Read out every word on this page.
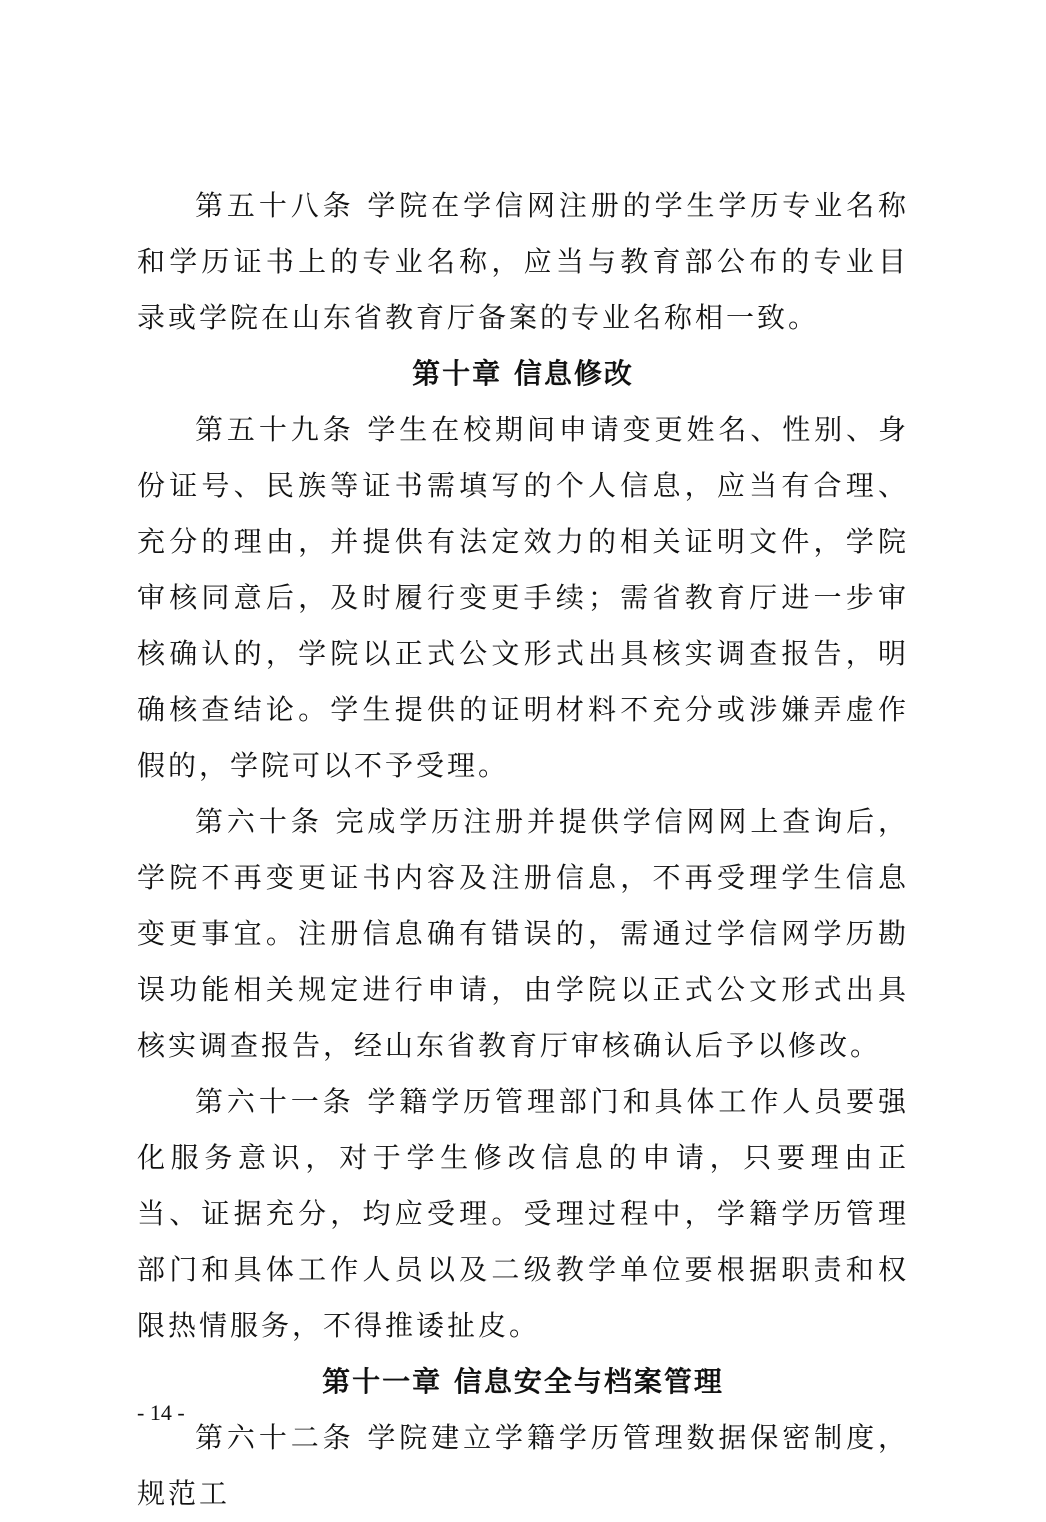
第五十八条 学院在学信网注册的学生学历专业名称和学历证书上的专业名称，应当与教育部公布的专业目录或学院在山东省教育厅备案的专业名称相一致。

第十章 信息修改

第五十九条 学生在校期间申请变更姓名、性别、身份证号、民族等证书需填写的个人信息，应当有合理、充分的理由，并提供有法定效力的相关证明文件，学院审核同意后，及时履行变更手续；需省教育厅进一步审核确认的，学院以正式公文形式出具核实调查报告，明确核查结论。学生提供的证明材料不充分或涉嫌弄虚作假的，学院可以不予受理。

第六十条 完成学历注册并提供学信网网上查询后，学院不再变更证书内容及注册信息，不再受理学生信息变更事宜。注册信息确有错误的，需通过学信网学历勘误功能相关规定进行申请，由学院以正式公文形式出具核实调查报告，经山东省教育厅审核确认后予以修改。

第六十一条 学籍学历管理部门和具体工作人员要强化服务意识，对于学生修改信息的申请，只要理由正当、证据充分，均应受理。受理过程中，学籍学历管理部门和具体工作人员以及二级教学单位要根据职责和权限热情服务，不得推诿扯皮。

第十一章 信息安全与档案管理

第六十二条 学院建立学籍学历管理数据保密制度，规范工

- 14 -
